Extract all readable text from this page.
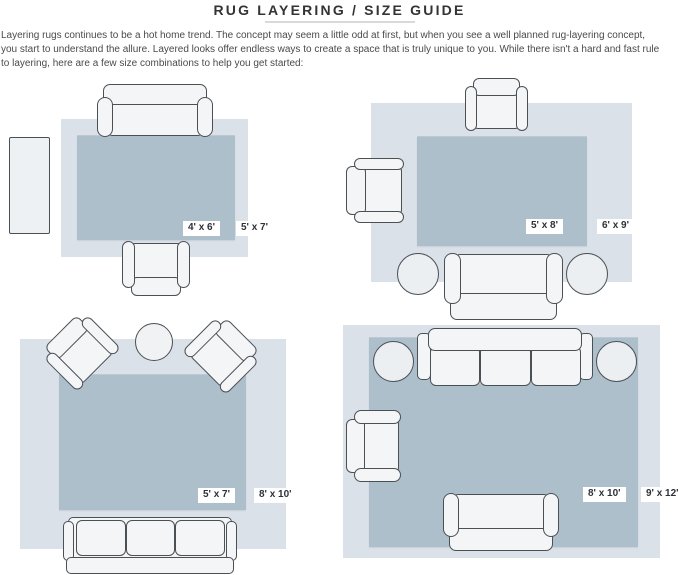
RUG LAYERING / SIZE GUIDE
Layering rugs continues to be a hot home trend. The concept may seem a little odd at first, but when you see a well planned rug-layering concept,
you start to understand the allure. Layered looks offer endless ways to create a space that is truly unique to you. While there isn't a hard and fast rule
to layering, here are a few size combinations to help you get started:
4' x 6'	5' x 7'	5' x 8'	6' x 9'
5' x 7'	8' x 10'	8' x 10'	9' x 12'
